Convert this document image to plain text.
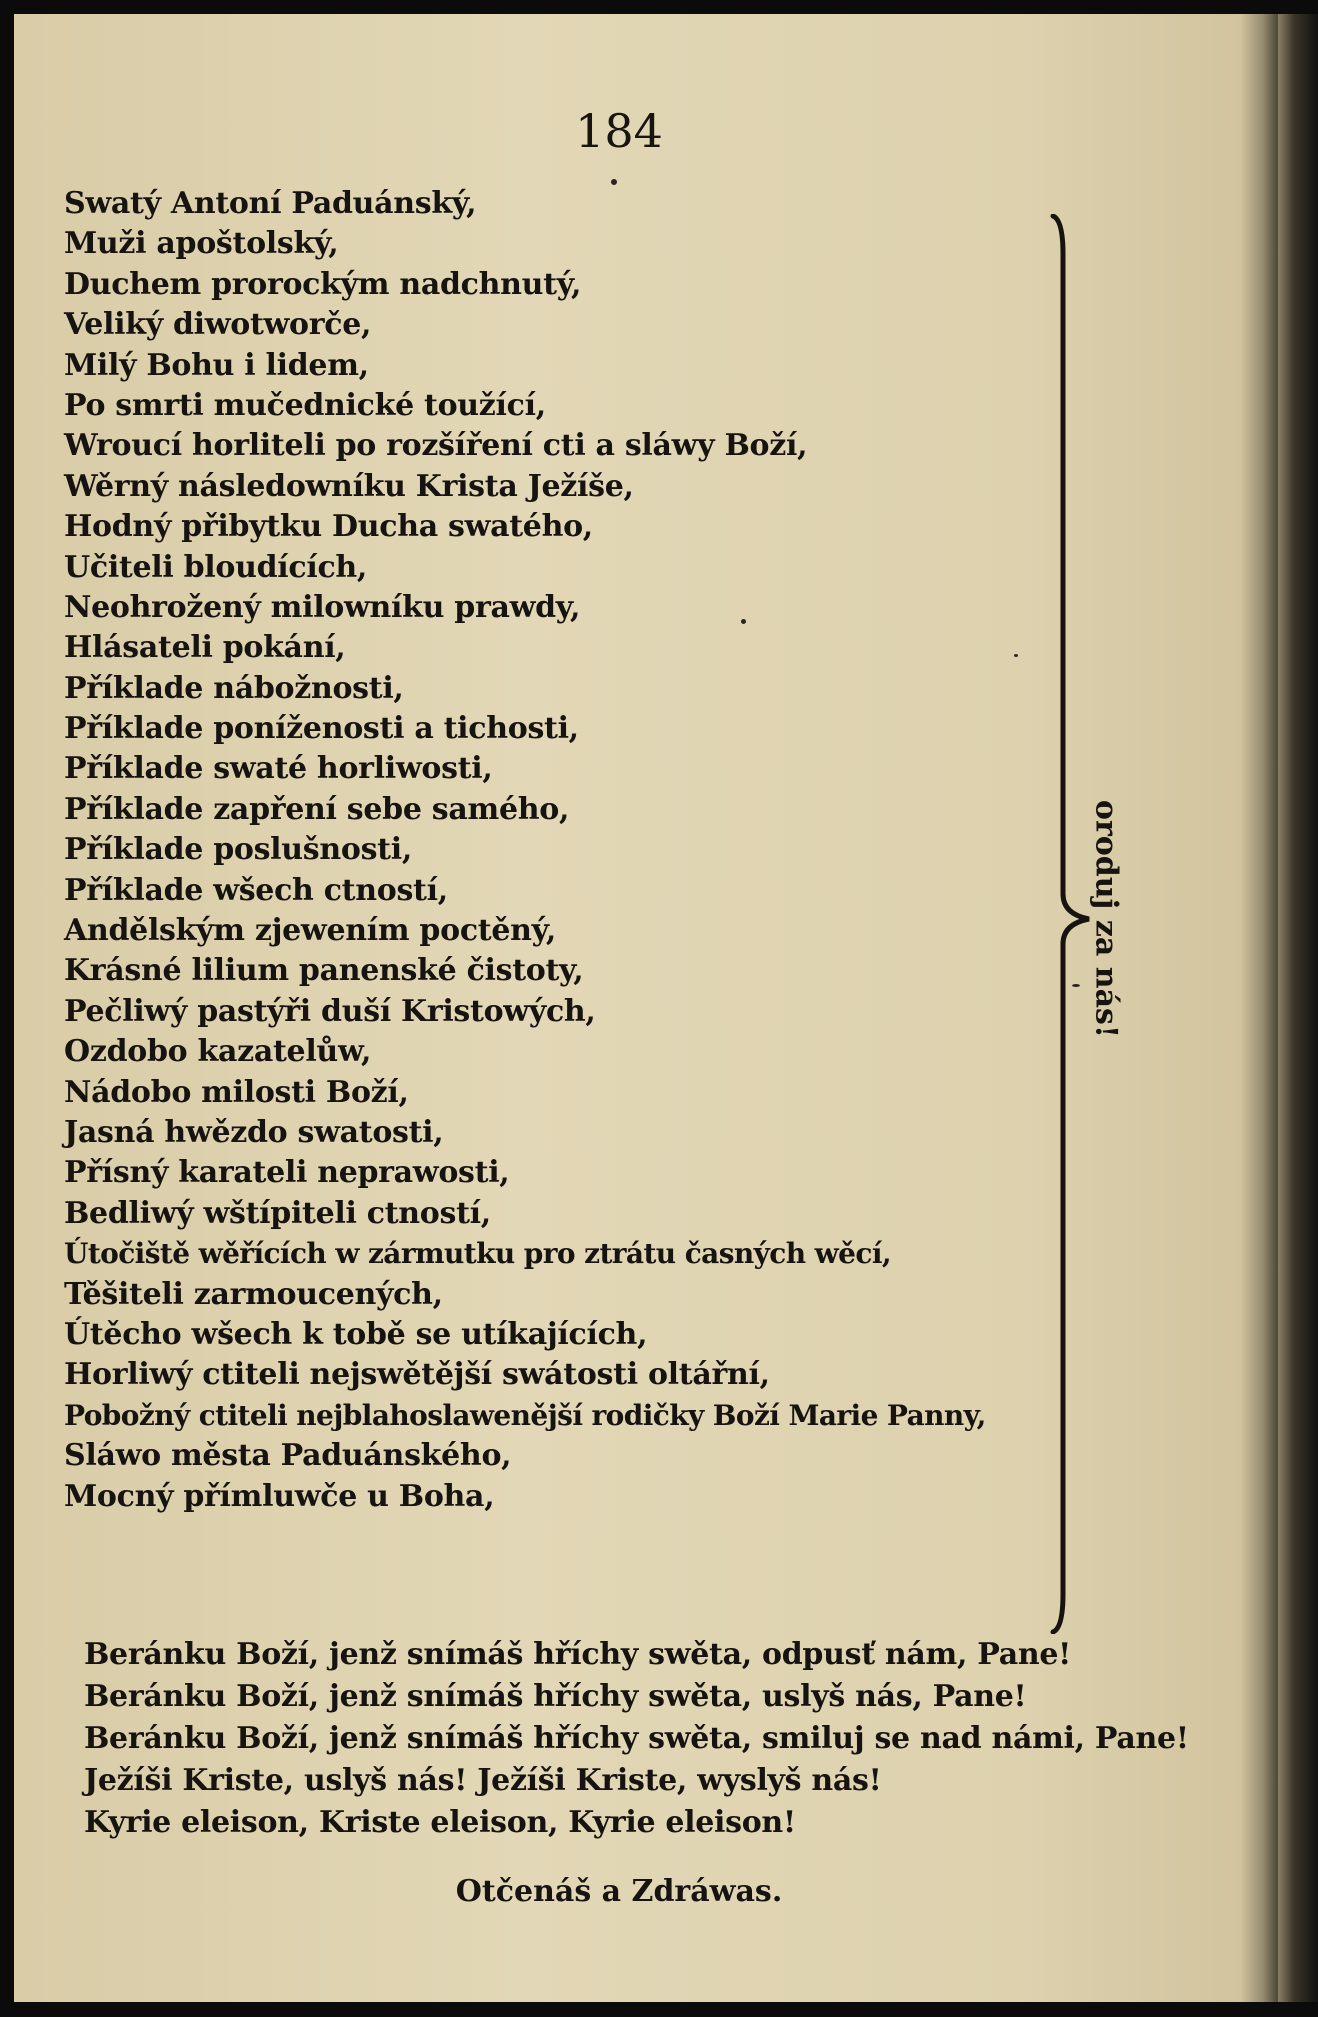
184
Swatý Antoní Paduánský,
Muži apoštolský,
Duchem prorockým nadchnutý,
Veliký diwotworče,
Milý Bohu i lidem,
Po smrti mučednické toužící,
Wroucí horliteli po rozšíření cti a sláwy Boží,
Wěrný následowníku Krista Ježíše,
Hodný přibytku Ducha swatého,
Učiteli bloudících,
Neohrožený milowníku prawdy,
Hlásateli pokání,
Příklade nábožnosti,
Příklade poníženosti a tichosti,
Příklade swaté horliwosti,
Příklade zapření sebe samého,
Příklade poslušnosti,
Příklade wšech ctností,
Andělským zjewením poctěný,
Krásné lilium panenské čistoty,
Pečliwý pastýři duší Kristowých,
Ozdobo kazatelůw,
Nádobo milosti Boží,
Jasná hwězdo swatosti,
Přísný karateli neprawosti,
Bedliwý wštípiteli ctností,
Útočiště wěřících w zármutku pro ztrátu časných wěcí,
Těšiteli zarmoucených,
Útěcho wšech k tobě se utíkajících,
Horliwý ctiteli nejswětější swátosti oltářní,
Pobožný ctiteli nejblahoslawenější rodičky Boží Marie Panny,
Sláwo města Paduánského,
Mocný přímluwče u Boha,
oroduj za nás!
Beránku Boží, jenž snímáš hříchy swěta, odpusť nám, Pane!
Beránku Boží, jenž snímáš hříchy swěta, uslyš nás, Pane!
Beránku Boží, jenž snímáš hříchy swěta, smiluj se nad námi, Pane!
Ježíši Kriste, uslyš nás! Ježíši Kriste, wyslyš nás!
Kyrie eleison, Kriste eleison, Kyrie eleison!
Otčenáš a Zdráwas.
